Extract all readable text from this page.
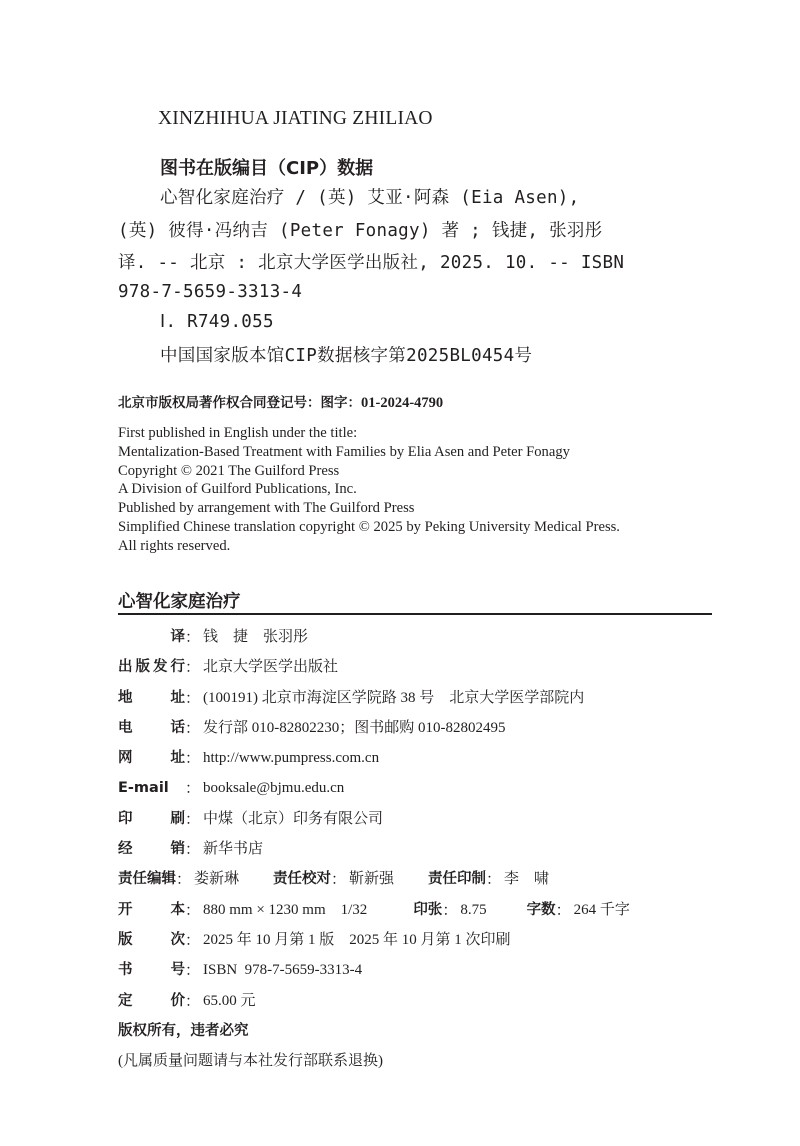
XINZHIHUA JIATING ZHILIAO
图书在版编目（CIP）数据
心智化家庭治疗 / (英) 艾亚·阿森 (Eia Asen),
(英) 彼得·冯纳吉 (Peter Fonagy) 著 ; 钱捷, 张羽彤
译. -- 北京 : 北京大学医学出版社, 2025. 10. -- ISBN
978-7-5659-3313-4
Ⅰ. R749.055
中国国家版本馆CIP数据核字第2025BL0454号
北京市版权局著作权合同登记号：图字：01-2024-4790
First published in English under the title:
Mentalization-Based Treatment with Families by Elia Asen and Peter Fonagy
Copyright © 2021 The Guilford Press
A Division of Guilford Publications, Inc.
Published by arrangement with The Guilford Press
Simplified Chinese translation copyright © 2025 by Peking University Medical Press.
All rights reserved.
心智化家庭治疗
译 ： 钱　捷　张羽彤
出版发行 ： 北京大学医学出版社
地址 ： (100191) 北京市海淀区学院路 38 号　北京大学医学部院内
电话 ： 发行部 010-82802230；图书邮购 010-82802495
网址 ： http://www.pumpress.com.cn
E-mail	： booksale@bjmu.edu.cn
印刷 ： 中煤（北京）印务有限公司
经销 ： 新华书店
责任编辑 ： 娄新琳 责任校对 ： 靳新强 责任印制 ： 李　啸
开本 ： 880 mm × 1230 mm　1/32	印张 ： 8.75	字数 ： 264 千字
版次 ： 2025 年 10 月第 1 版　2025 年 10 月第 1 次印刷
书号 ： ISBN  978-7-5659-3313-4
定价 ： 65.00 元
版权所有，违者必究
(凡属质量问题请与本社发行部联系退换)
